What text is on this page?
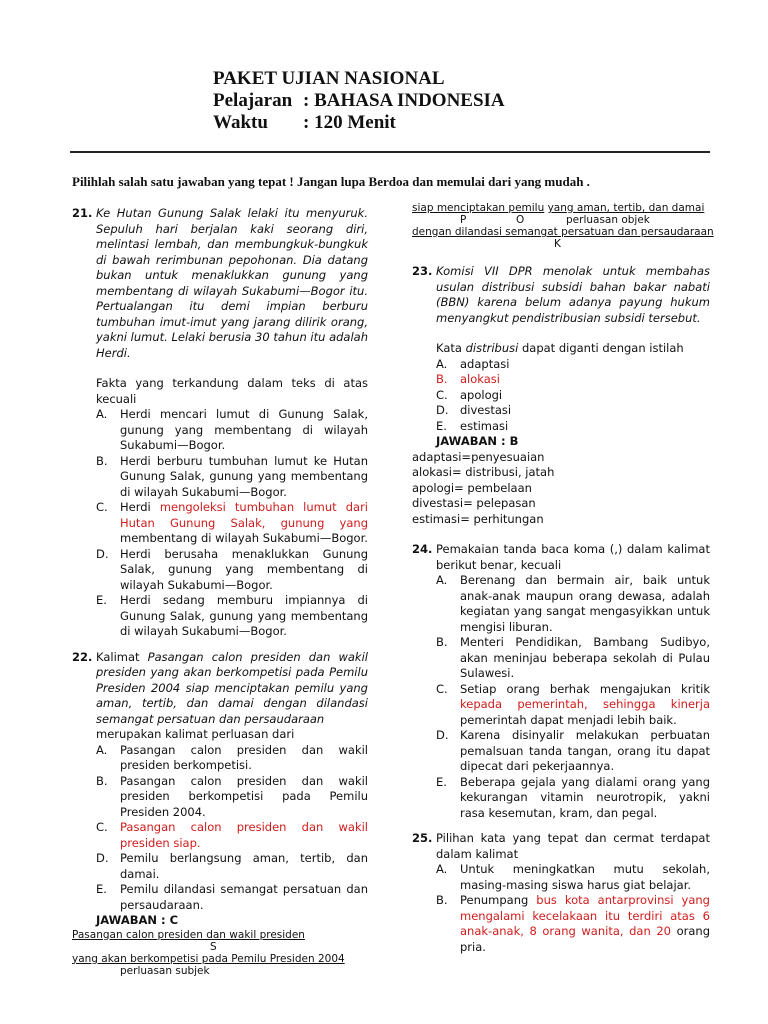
PAKET UJIAN NASIONAL
Pelajaran : BAHASA INDONESIA
Waktu : 120 Menit
Pilihlah salah satu jawaban yang tepat ! Jangan lupa Berdoa dan memulai dari yang mudah .
21. Ke Hutan Gunung Salak lelaki itu menyuruk. Sepuluh hari berjalan kaki seorang diri, melintasi lembah, dan membungkuk-bungkuk di bawah rerimbunan pepohonan. Dia datang bukan untuk menaklukkan gunung yang membentang di wilayah Sukabumi—Bogor itu. Pertualangan itu demi impian berburu tumbuhan imut-imut yang jarang dilirik orang, yakni lumut. Lelaki berusia 30 tahun itu adalah Herdi.
Fakta yang terkandung dalam teks di atas kecuali
A. Herdi mencari lumut di Gunung Salak, gunung yang membentang di wilayah Sukabumi—Bogor.
B. Herdi berburu tumbuhan lumut ke Hutan Gunung Salak, gunung yang membentang di wilayah Sukabumi—Bogor.
C. Herdi mengoleksi tumbuhan lumut dari Hutan Gunung Salak, gunung yang membentang di wilayah Sukabumi—Bogor.
D. Herdi berusaha menaklukkan Gunung Salak, gunung yang membentang di wilayah Sukabumi—Bogor.
E. Herdi sedang memburu impiannya di Gunung Salak, gunung yang membentang di wilayah Sukabumi—Bogor.
22. Kalimat Pasangan calon presiden dan wakil presiden yang akan berkompetisi pada Pemilu Presiden 2004 siap menciptakan pemilu yang aman, tertib, dan damai dengan dilandasi semangat persatuan dan persaudaraan
merupakan kalimat perluasan dari
A. Pasangan calon presiden dan wakil presiden berkompetisi.
B. Pasangan calon presiden dan wakil presiden berkompetisi pada Pemilu Presiden 2004.
C. Pasangan calon presiden dan wakil presiden siap.
D. Pemilu berlangsung aman, tertib, dan damai.
E. Pemilu dilandasi semangat persatuan dan persaudaraan.
JAWABAN : C
Pasangan calon presiden dan wakil presiden
S
yang akan berkompetisi pada Pemilu Presiden 2004
perluasan subjek
siap menciptakan pemilu yang aman, tertib, dan damai
P	O	perluasan objek
dengan dilandasi semangat persatuan dan persaudaraan
K
23. Komisi VII DPR menolak untuk membahas usulan distribusi subsidi bahan bakar nabati (BBN) karena belum adanya payung hukum menyangkut pendistribusian subsidi tersebut.
Kata distribusi dapat diganti dengan istilah
A. adaptasi
B. alokasi
C. apologi
D. divestasi
E. estimasi
JAWABAN : B
adaptasi=penyesuaian
alokasi= distribusi, jatah
apologi= pembelaan
divestasi= pelepasan
estimasi= perhitungan
24. Pemakaian tanda baca koma (,) dalam kalimat berikut benar, kecuali
A. Berenang dan bermain air, baik untuk anak-anak maupun orang dewasa, adalah kegiatan yang sangat mengasyikkan untuk mengisi liburan.
B. Menteri Pendidikan, Bambang Sudibyo, akan meninjau beberapa sekolah di Pulau Sulawesi.
C. Setiap orang berhak mengajukan kritik kepada pemerintah, sehingga kinerja pemerintah dapat menjadi lebih baik.
D. Karena disinyalir melakukan perbuatan pemalsuan tanda tangan, orang itu dapat dipecat dari pekerjaannya.
E. Beberapa gejala yang dialami orang yang kekurangan vitamin neurotropik, yakni rasa kesemutan, kram, dan pegal.
25. Pilihan kata yang tepat dan cermat terdapat dalam kalimat
A. Untuk meningkatkan mutu sekolah, masing-masing siswa harus giat belajar.
B. Penumpang bus kota antarprovinsi yang mengalami kecelakaan itu terdiri atas 6 anak-anak, 8 orang wanita, dan 20 orang pria.
